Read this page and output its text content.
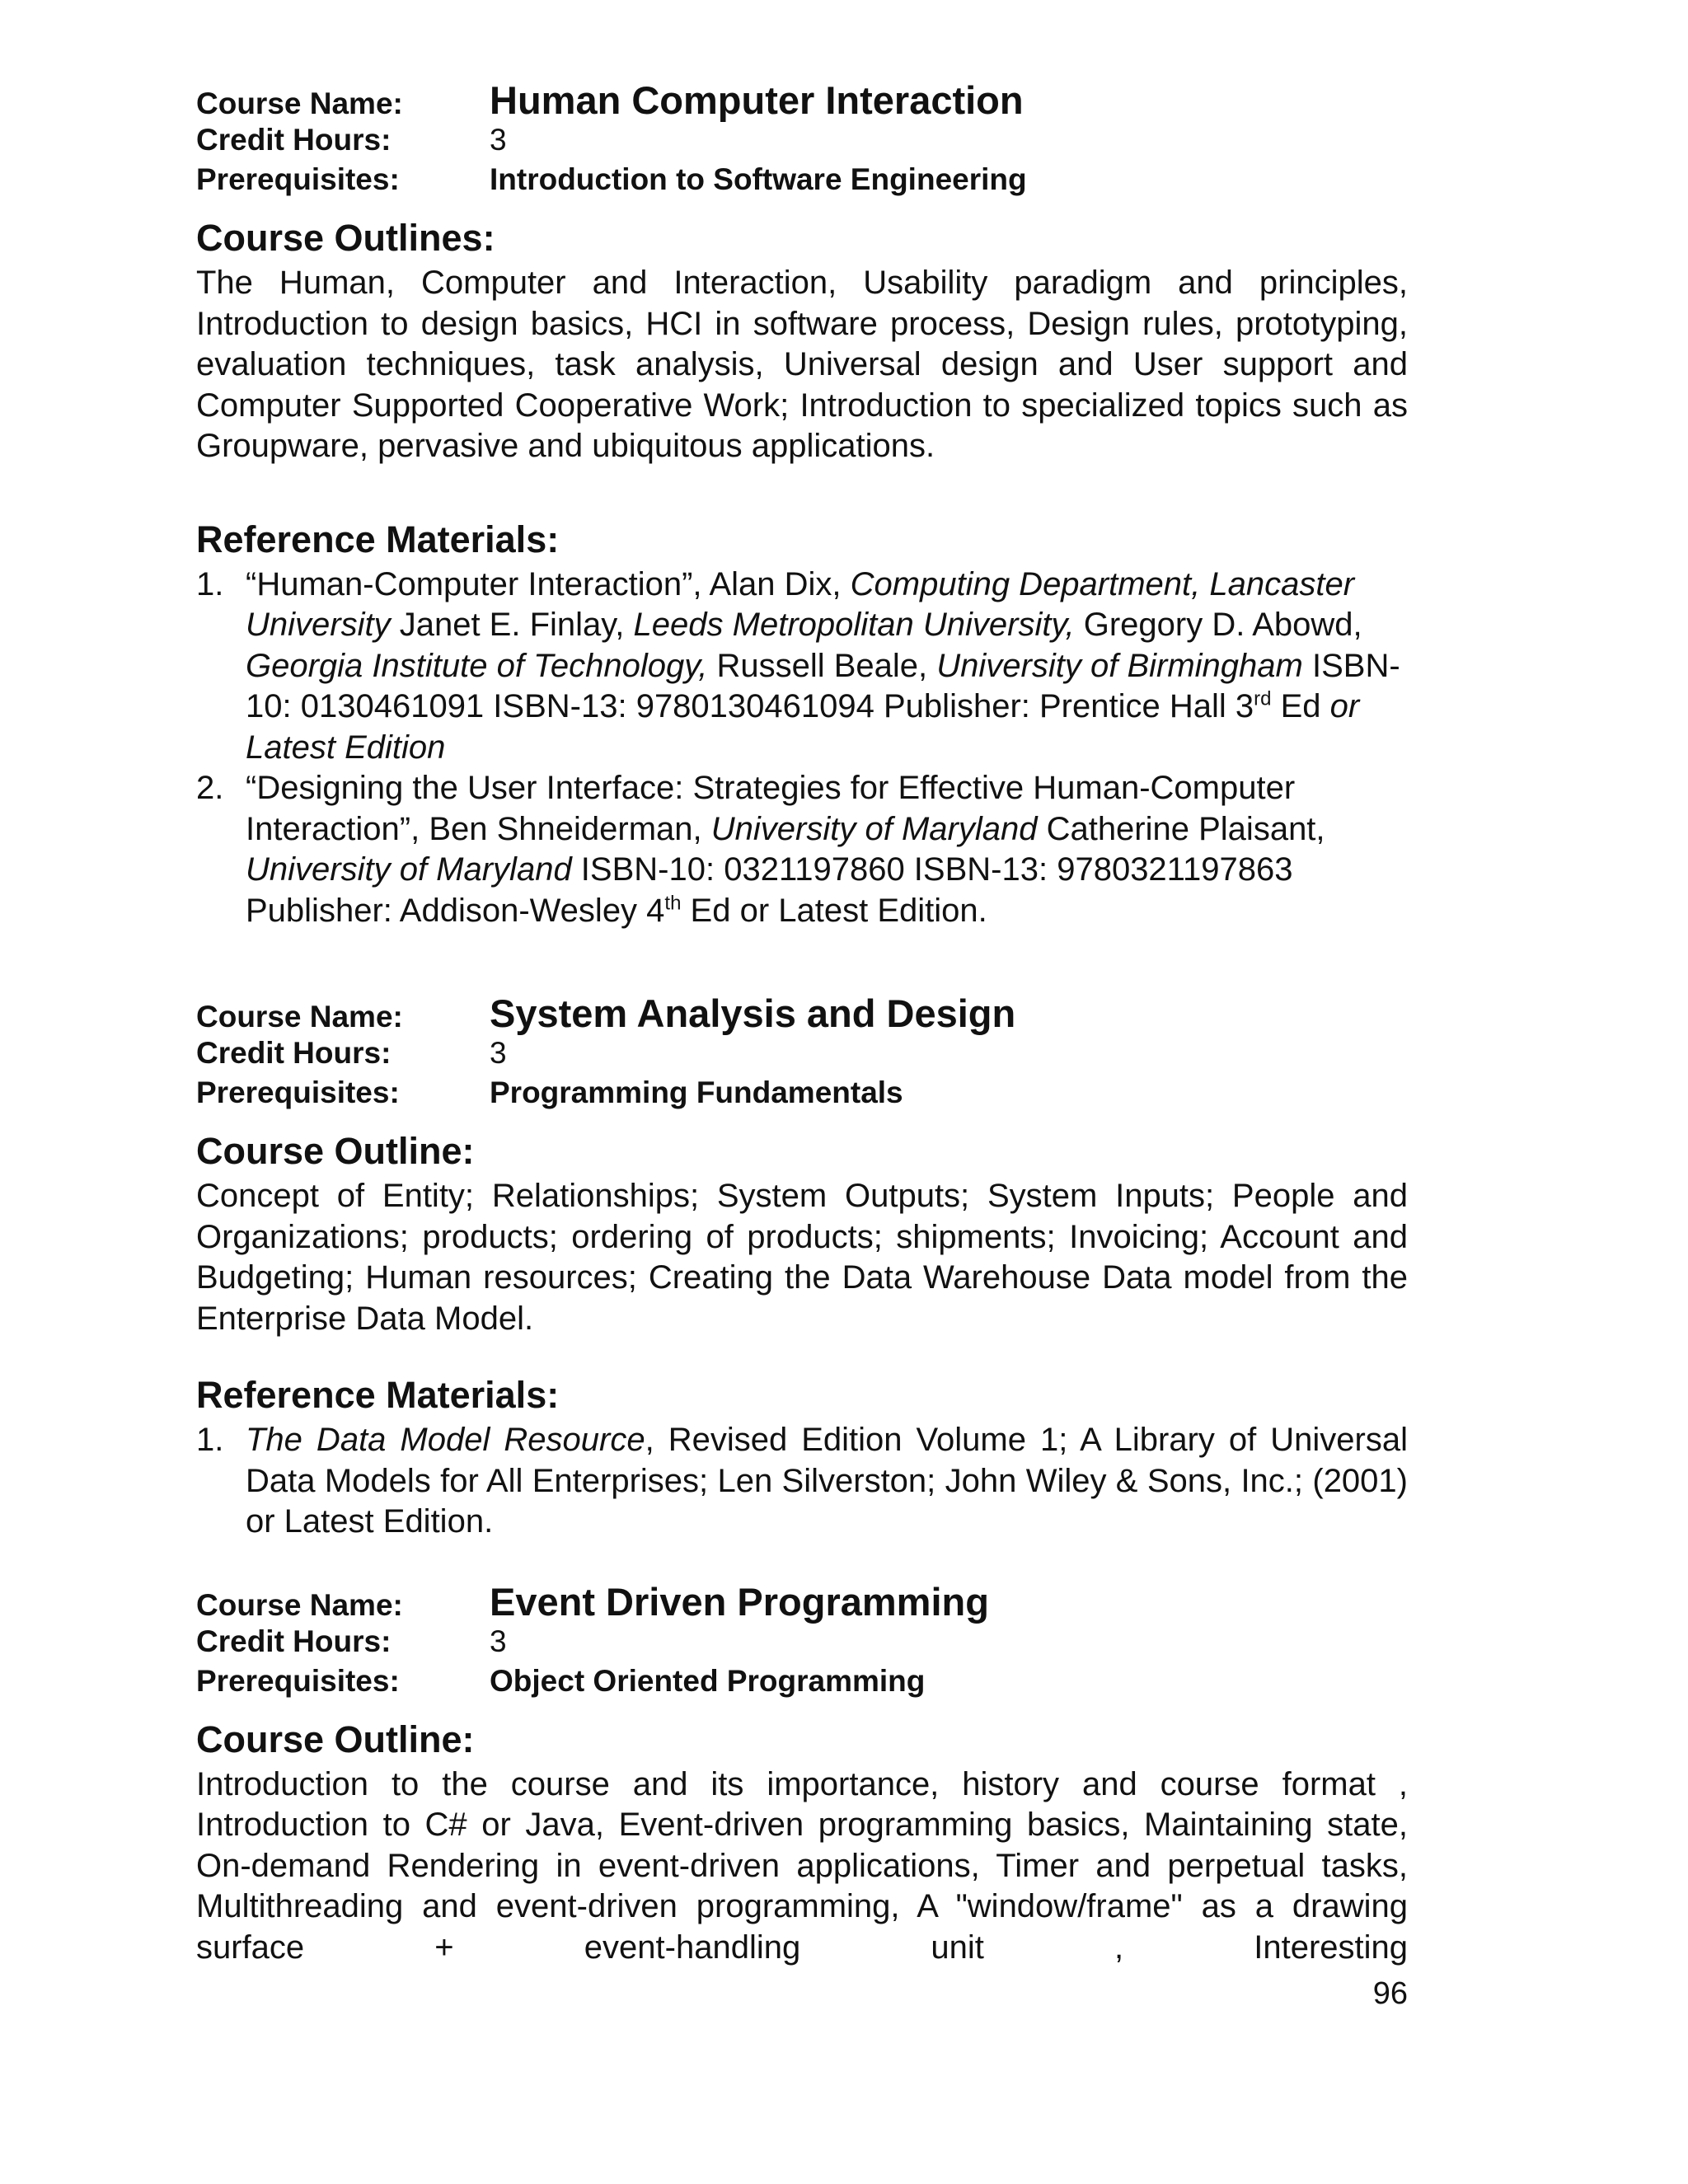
Course Name:	Human Computer Interaction
Credit Hours:	3
Prerequisites:	Introduction to Software Engineering
Course Outlines:
The Human, Computer and Interaction, Usability paradigm and principles, Introduction to design basics, HCI in software process, Design rules, prototyping, evaluation techniques, task analysis, Universal design and User support and Computer Supported Cooperative Work; Introduction to specialized topics such as Groupware, pervasive and ubiquitous applications.
Reference Materials:
1. “Human-Computer Interaction”, Alan Dix, Computing Department, Lancaster University Janet E. Finlay, Leeds Metropolitan University, Gregory D. Abowd, Georgia Institute of Technology, Russell Beale, University of Birmingham ISBN-10: 0130461091 ISBN-13: 9780130461094 Publisher: Prentice Hall 3rd Ed or Latest Edition
2. “Designing the User Interface: Strategies for Effective Human-Computer Interaction”, Ben Shneiderman, University of Maryland Catherine Plaisant, University of Maryland ISBN-10: 0321197860 ISBN-13: 9780321197863 Publisher: Addison-Wesley 4th Ed or Latest Edition.
Course Name:	System Analysis and Design
Credit Hours:	3
Prerequisites:	Programming Fundamentals
Course Outline:
Concept of Entity; Relationships; System Outputs; System Inputs; People and Organizations; products; ordering of products; shipments; Invoicing; Account and Budgeting; Human resources; Creating the Data Warehouse Data model from the Enterprise Data Model.
Reference Materials:
1. The Data Model Resource, Revised Edition Volume 1; A Library of Universal Data Models for All Enterprises; Len Silverston; John Wiley & Sons, Inc.; (2001) or Latest Edition.
Course Name:	Event Driven Programming
Credit Hours:	3
Prerequisites:	Object Oriented Programming
Course Outline:
Introduction to the course and its importance, history and course format , Introduction to C# or Java, Event-driven programming basics, Maintaining state, On-demand Rendering in event-driven applications, Timer and perpetual tasks, Multithreading and event-driven programming, A "window/frame" as a drawing surface + event-handling unit , Interesting
96
